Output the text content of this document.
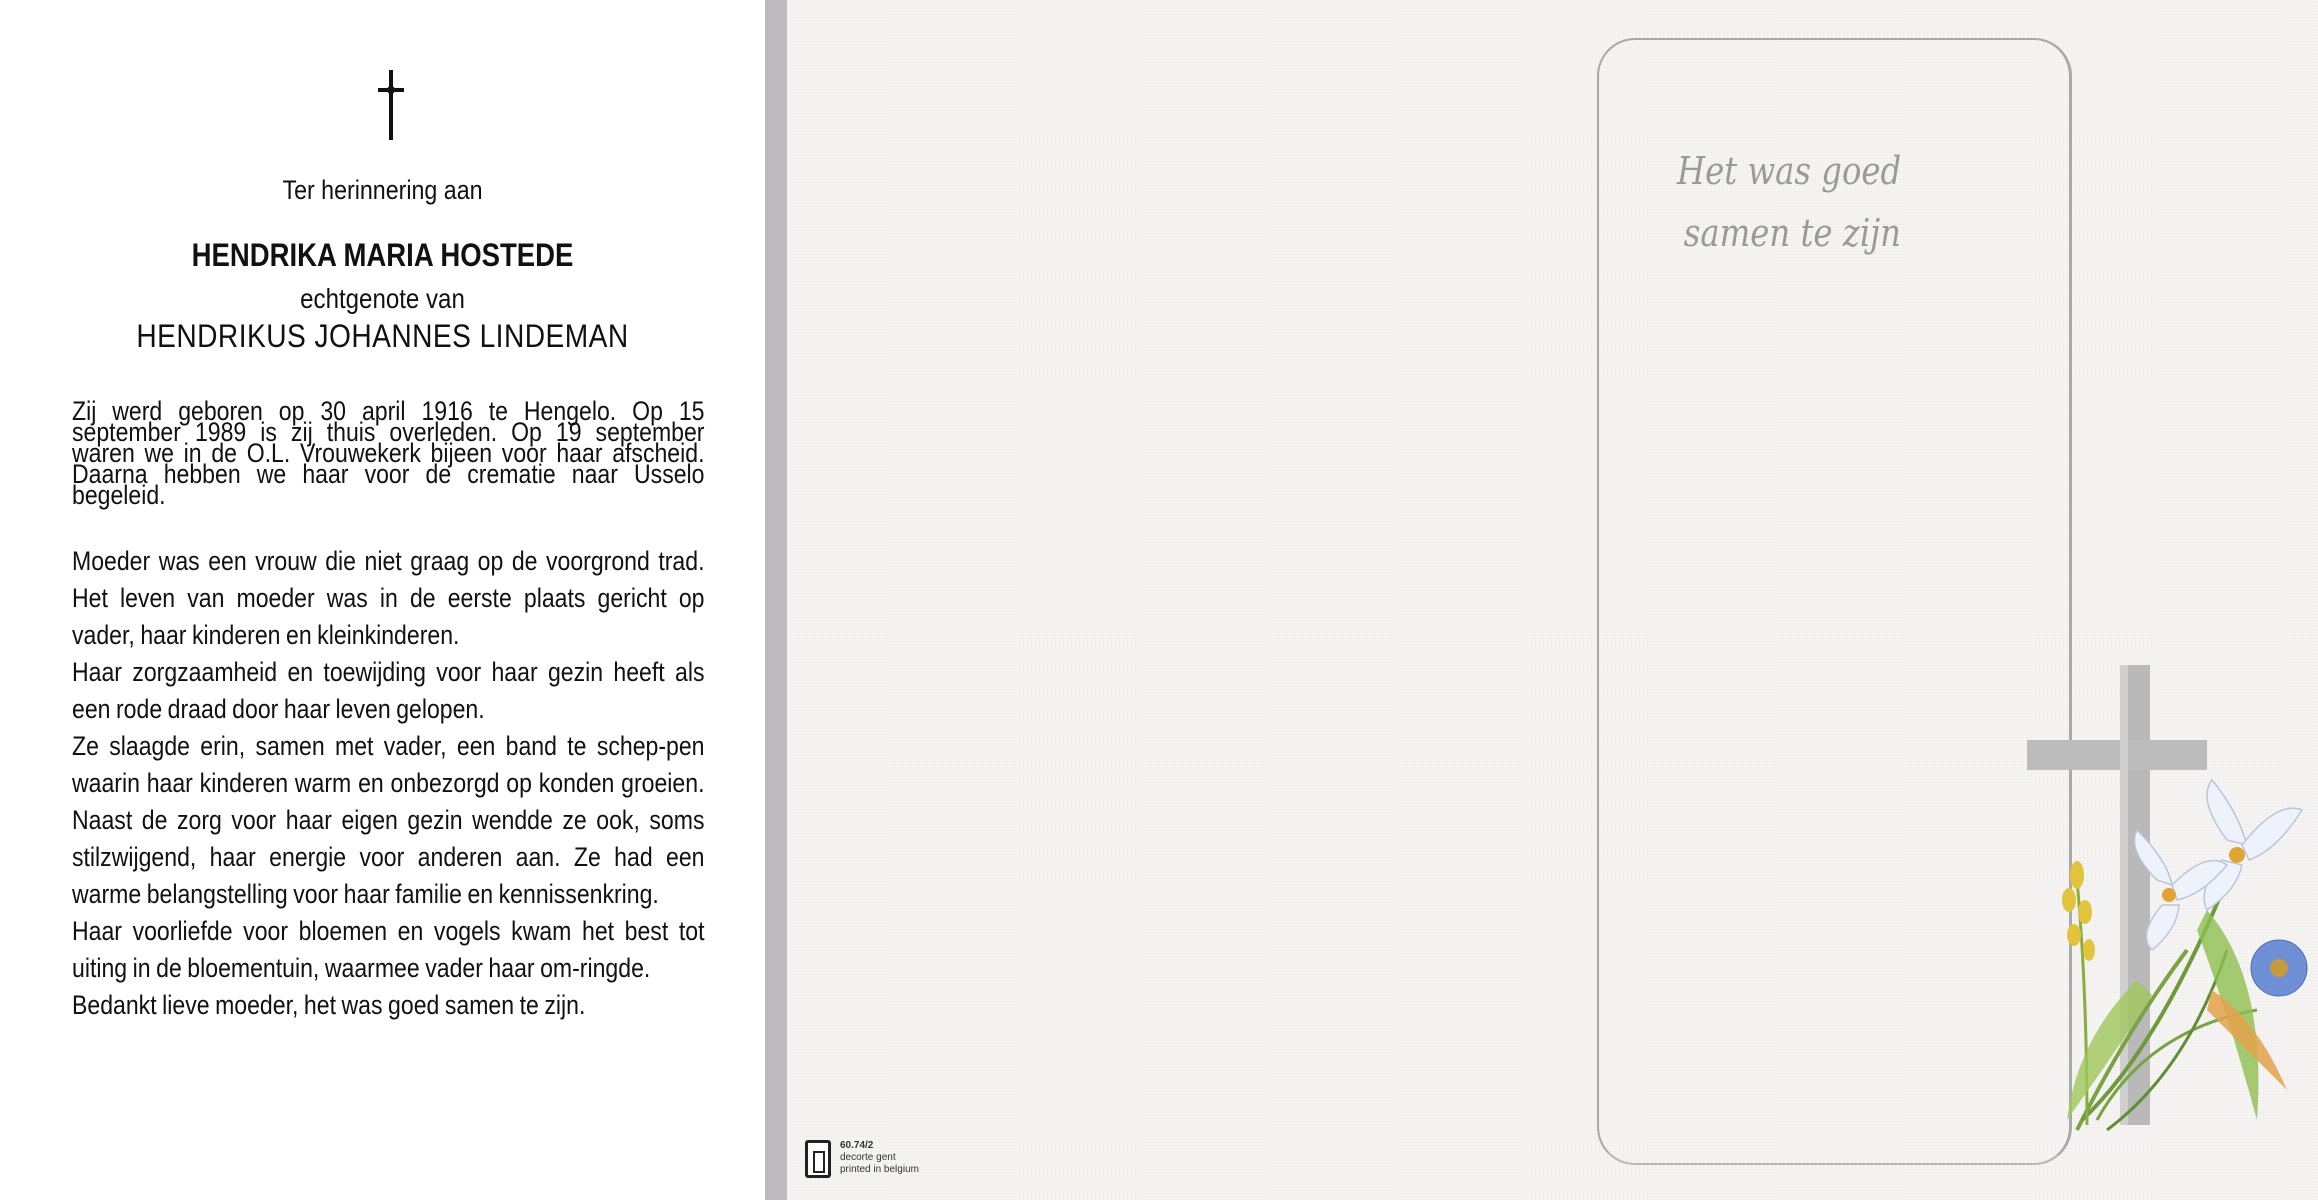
Ter herinnering aan
HENDRIKA MARIA HOSTEDE
echtgenote van
HENDRIKUS JOHANNES LINDEMAN

Zij werd geboren op 30 april 1916 te Hengelo. Op 15 september 1989 is zij thuis overleden. Op 19 september waren we in de O.L. Vrouwekerk bijeen voor haar afscheid. Daarna hebben we haar voor de crematie naar Usselo begeleid.

Moeder was een vrouw die niet graag op de voorgrond trad. Het leven van moeder was in de eerste plaats gericht op vader, haar kinderen en kleinkinderen.

Haar zorgzaamheid en toewijding voor haar gezin heeft als een rode draad door haar leven gelopen.

Ze slaagde erin, samen met vader, een band te schep-pen waarin haar kinderen warm en onbezorgd op konden groeien. Naast de zorg voor haar eigen gezin wendde ze ook, soms stilzwijgend, haar energie voor anderen aan. Ze had een warme belangstelling voor haar familie en kennissenkring.

Haar voorliefde voor bloemen en vogels kwam het best tot uiting in de bloementuin, waarmee vader haar om-ringde.

Bedankt lieve moeder, het was goed samen te zijn.

Het was goed
samen te zijn
60.74/2
decorte gent
printed in belgium
